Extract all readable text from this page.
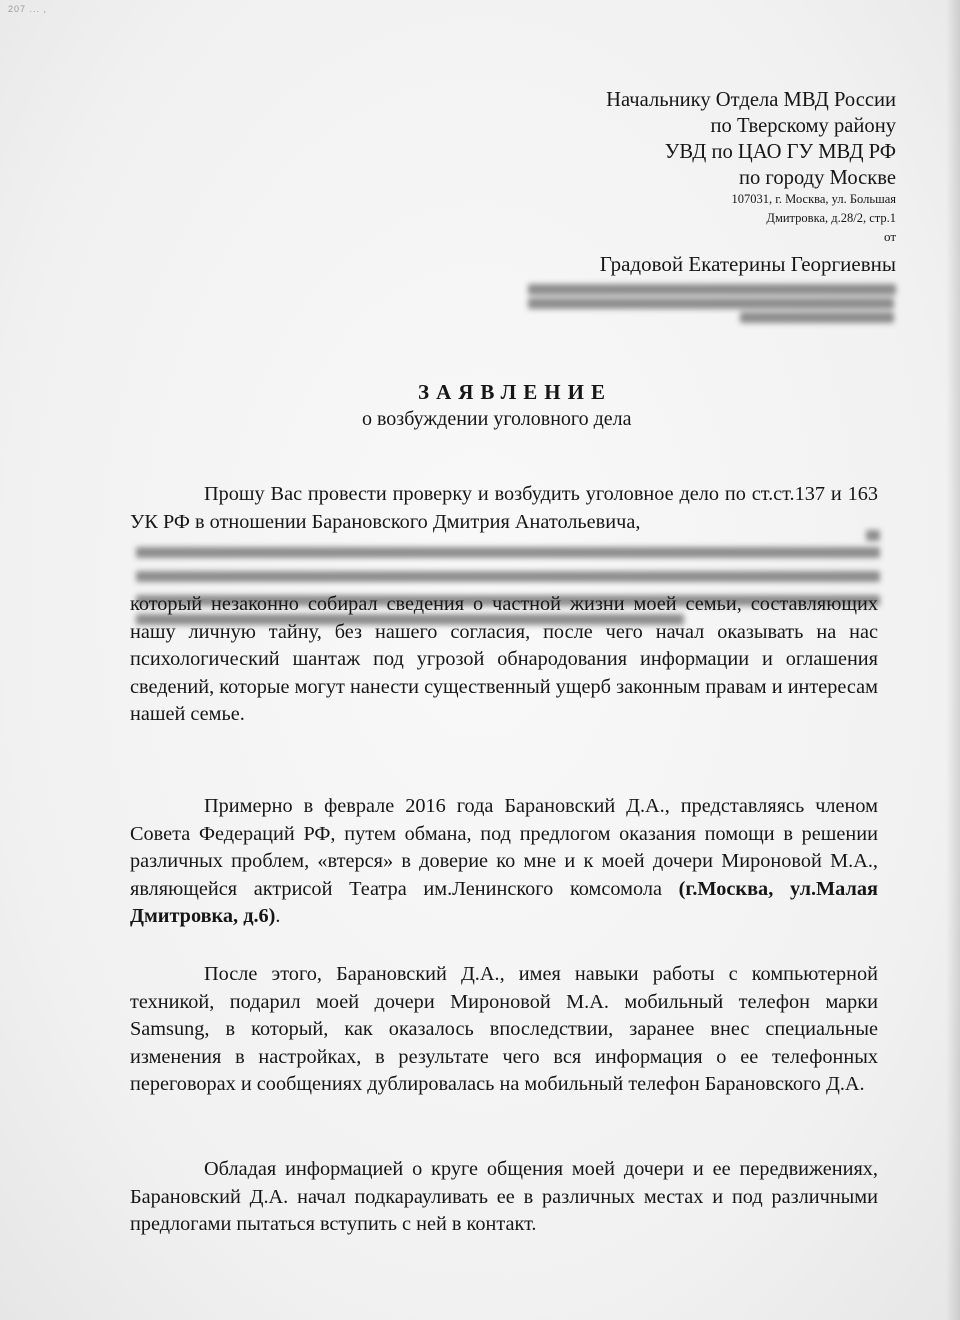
207 ... ,
Начальнику Отдела МВД России
по Тверскому району
УВД по ЦАО ГУ МВД РФ
по городу Москве
107031, г. Москва, ул. Большая
Дмитровка, д.28/2, стр.1
от
Градовой Екатерины Георгиевны
ЗАЯВЛЕНИЕ
о возбуждении уголовного дела
Прошу Вас провести проверку и возбудить уголовное дело по ст.ст.137 и 163 УК РФ в отношении Барановского Дмитрия Анатольевича,
который незаконно собирал сведения о частной жизни моей семьи, составляющих нашу личную тайну, без нашего согласия, после чего начал оказывать на нас психологический шантаж под угрозой обнародования информации и оглашения сведений, которые могут нанести существенный ущерб законным правам и интересам нашей семье.
Примерно в феврале 2016 года Барановский Д.А., представляясь членом Совета Федераций РФ, путем обмана, под предлогом оказания помощи в решении различных проблем, «втерся» в доверие ко мне и к моей дочери Мироновой М.А., являющейся актрисой Театра им.Ленинского комсомола (г.Москва, ул.Малая Дмитровка, д.6).
После этого, Барановский Д.А., имея навыки работы с компьютерной техникой, подарил моей дочери Мироновой М.А. мобильный телефон марки Samsung, в который, как оказалось впоследствии, заранее внес специальные изменения в настройках, в результате чего вся информация о ее телефонных переговорах и сообщениях дублировалась на мобильный телефон Барановского Д.А.
Обладая информацией о круге общения моей дочери и ее передвижениях, Барановский Д.А. начал подкарауливать ее в различных местах и под различными предлогами пытаться вступить с ней в контакт.
